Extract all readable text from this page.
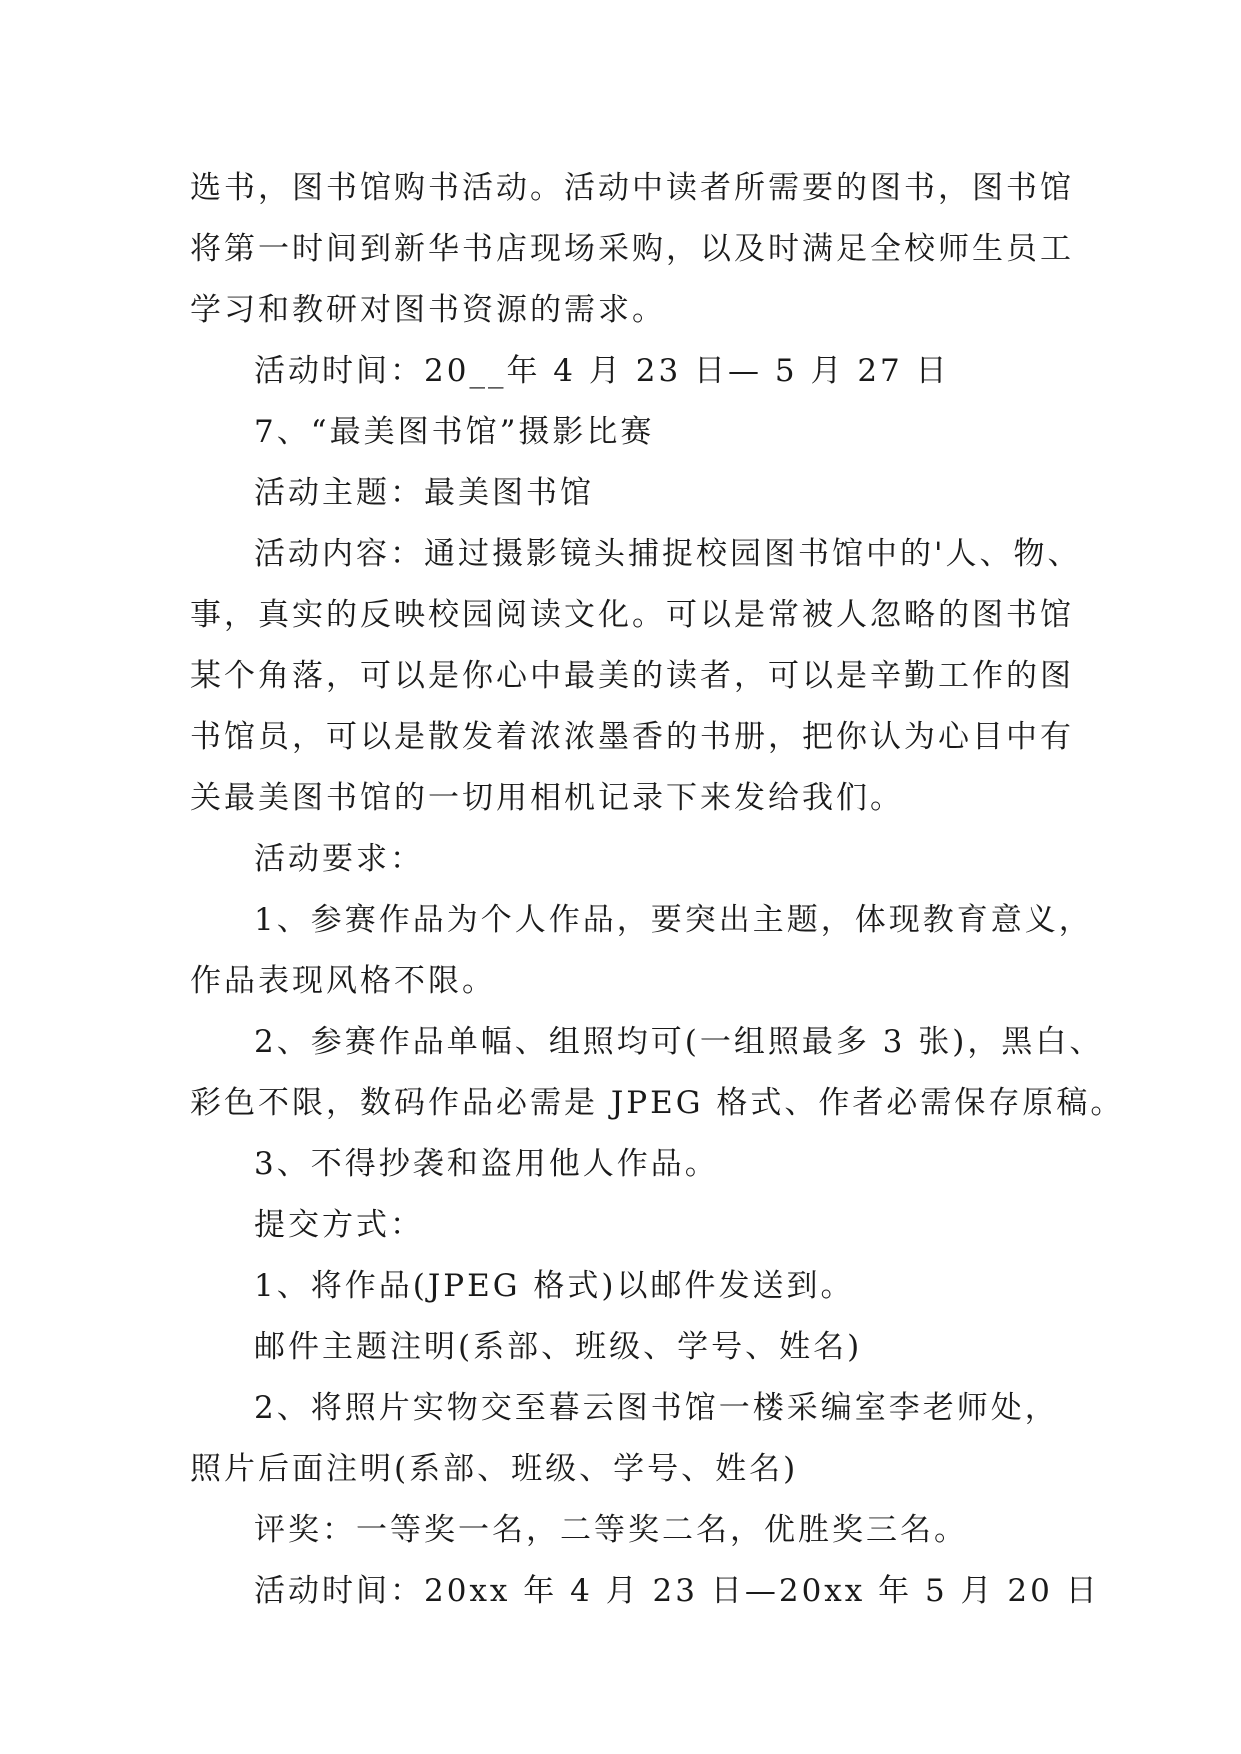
选书，图书馆购书活动。活动中读者所需要的图书，图书馆

将第一时间到新华书店现场采购，以及时满足全校师生员工

学习和教研对图书资源的需求。

活动时间：20__年 4 月 23 日— 5 月 27 日

7、“最美图书馆”摄影比赛

活动主题：最美图书馆

活动内容：通过摄影镜头捕捉校园图书馆中的'人、物、

事，真实的反映校园阅读文化。可以是常被人忽略的图书馆

某个角落，可以是你心中最美的读者，可以是辛勤工作的图

书馆员，可以是散发着浓浓墨香的书册，把你认为心目中有

关最美图书馆的一切用相机记录下来发给我们。

活动要求：

1、参赛作品为个人作品，要突出主题，体现教育意义，

作品表现风格不限。

2、参赛作品单幅、组照均可(一组照最多 3 张)，黑白、

彩色不限，数码作品必需是 JPEG 格式、作者必需保存原稿。

3、不得抄袭和盗用他人作品。

提交方式：

1、将作品(JPEG 格式)以邮件发送到。

邮件主题注明(系部、班级、学号、姓名)

2、将照片实物交至暮云图书馆一楼采编室李老师处，

照片后面注明(系部、班级、学号、姓名)

评奖：一等奖一名，二等奖二名，优胜奖三名。

活动时间：20xx 年 4 月 23 日—20xx 年 5 月 20 日
